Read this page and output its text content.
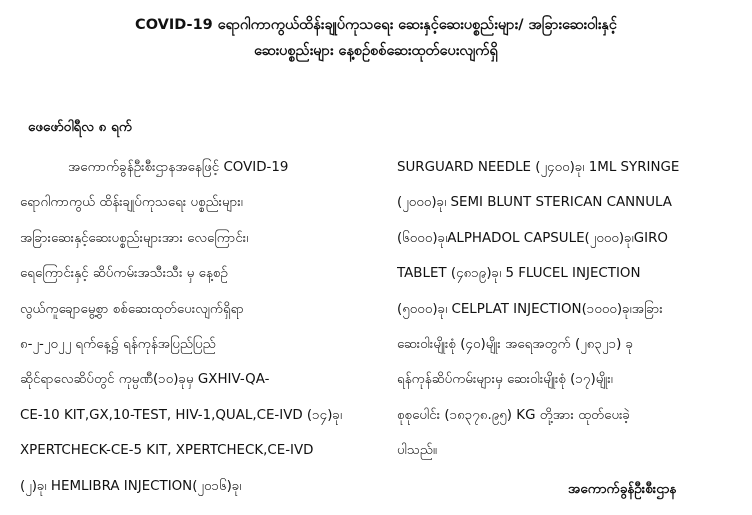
COVID-19 ရောဂါကာကွယ်ထိန်းချုပ်ကုသရေး ဆေးနှင့်ဆေးပစ္စည်းများ/ အခြားဆေးဝါးနှင့်
ဆေးပစ္စည်းများ နေ့စဉ်စစ်ဆေးထုတ်ပေးလျက်ရှိ
ဖေဖော်ဝါရီလ ၈ ရက်
အကောက်ခွန်ဦးစီးဌာနအနေဖြင့် COVID-19
ရောဂါကာကွယ် ထိန်းချုပ်ကုသရေး ပစ္စည်းများ၊
အခြားဆေးနှင့်ဆေးပစ္စည်းများအား လေကြောင်း၊
ရေကြောင်းနှင့် ဆိပ်ကမ်းအသီးသီး မှ နေ့စဉ်
လွယ်ကူချောမွေ့စွာ စစ်ဆေးထုတ်ပေးလျက်ရှိရာ
၈-၂-၂၀၂၂ ရက်နေ့၌ ရန်ကုန်အပြည်ပြည်
ဆိုင်ရာလေဆိပ်တွင် ကုမ္ပဏီ(၁၀)ခုမှ GXHIV-QA-
CE-10 KIT,GX,10-TEST, HIV-1,QUAL,CE-IVD (၁၄)ခု၊
XPERTCHECK-CE-5 KIT, XPERTCHECK,CE-IVD
(၂)ခု၊ HEMLIBRA INJECTION(၂၀၁၆)ခု၊
SURGUARD NEEDLE (၂၄၀၀)ခု၊ 1ML SYRINGE
(၂၀၀၀)ခု၊ SEMI BLUNT STERICAN CANNULA
(၆၀၀၀)ခု၊ALPHADOL CAPSULE(၂၀၀၀)ခု၊GIRO
TABLET (၄၈၁၉)ခု၊ 5 FLUCEL INJECTION
(၅၀၀၀)ခု၊ CELPLAT INJECTION(၁၀၀၀)ခု၊အခြား
ဆေးဝါးမျိုးစုံ (၄၀)မျိုး အရေအတွက် (၂၈၃၂၁) ခု
ရန်ကုန်ဆိပ်ကမ်းများမှ ဆေးဝါးမျိုးစုံ (၁၇)မျိုး၊
စုစုပေါင်း (၁၈၃၇၈.၉၅) KG တို့အား ထုတ်ပေးခဲ့
ပါသည်။
အကောက်ခွန်ဦးစီးဌာန
